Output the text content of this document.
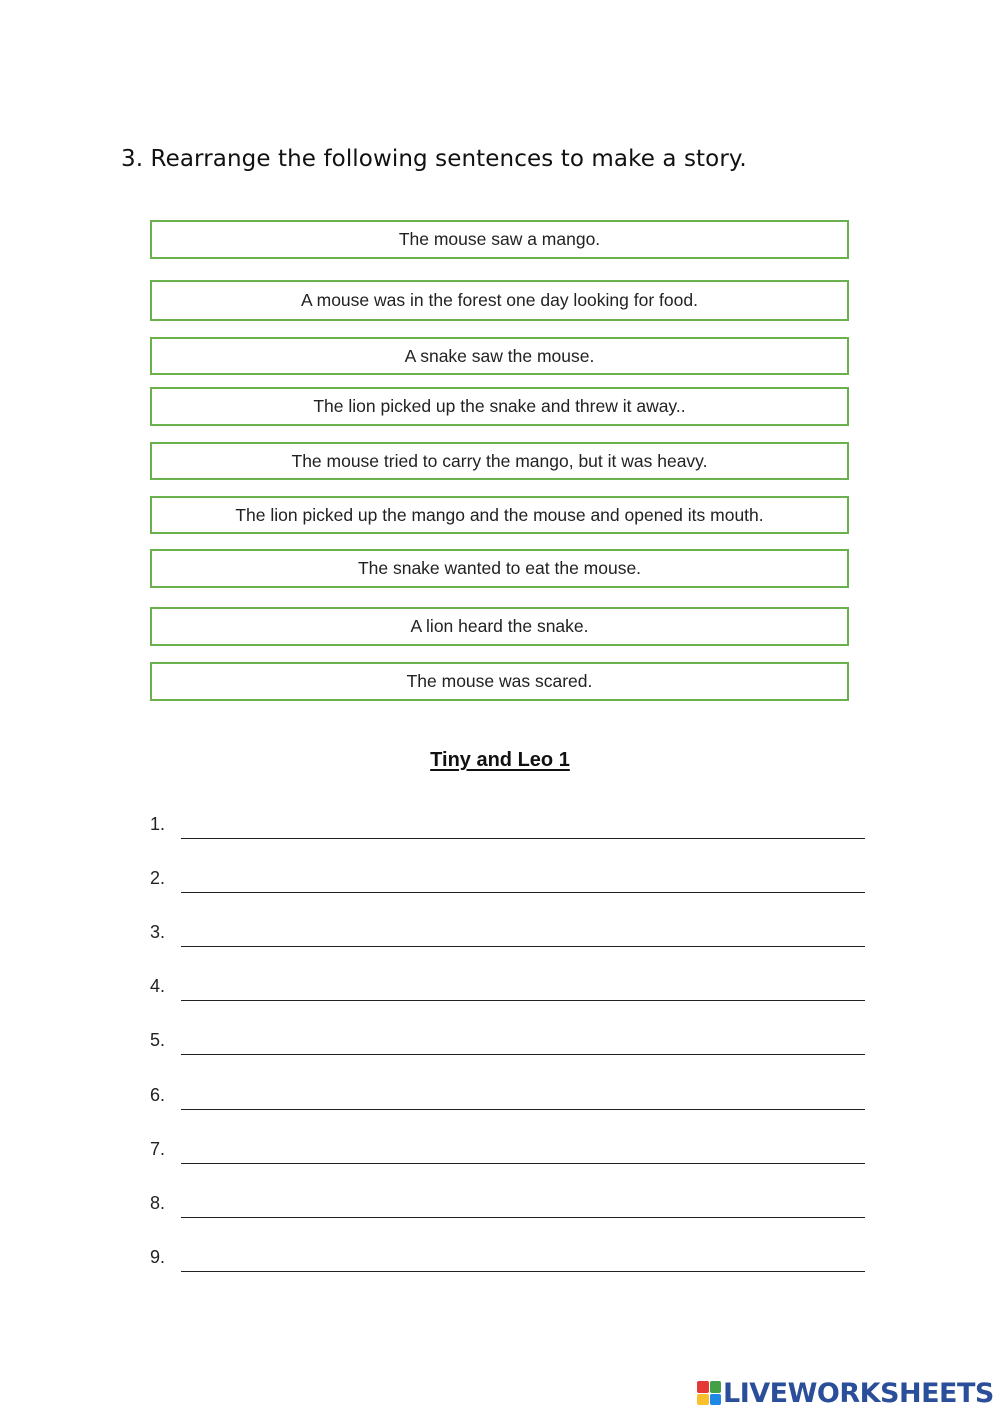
3. Rearrange the following sentences to make a story.
The mouse saw a mango.
A mouse was in the forest one day looking for food.
A snake saw the mouse.
The lion picked up the snake and threw it away..
The mouse tried to carry the mango, but it was heavy.
The lion picked up the mango and the mouse and opened its mouth.
The snake wanted to eat the mouse.
A lion heard the snake.
The mouse was scared.
Tiny and Leo 1
1.
2.
3.
4.
5.
6.
7.
8.
9.
LIVEWORKSHEETS
